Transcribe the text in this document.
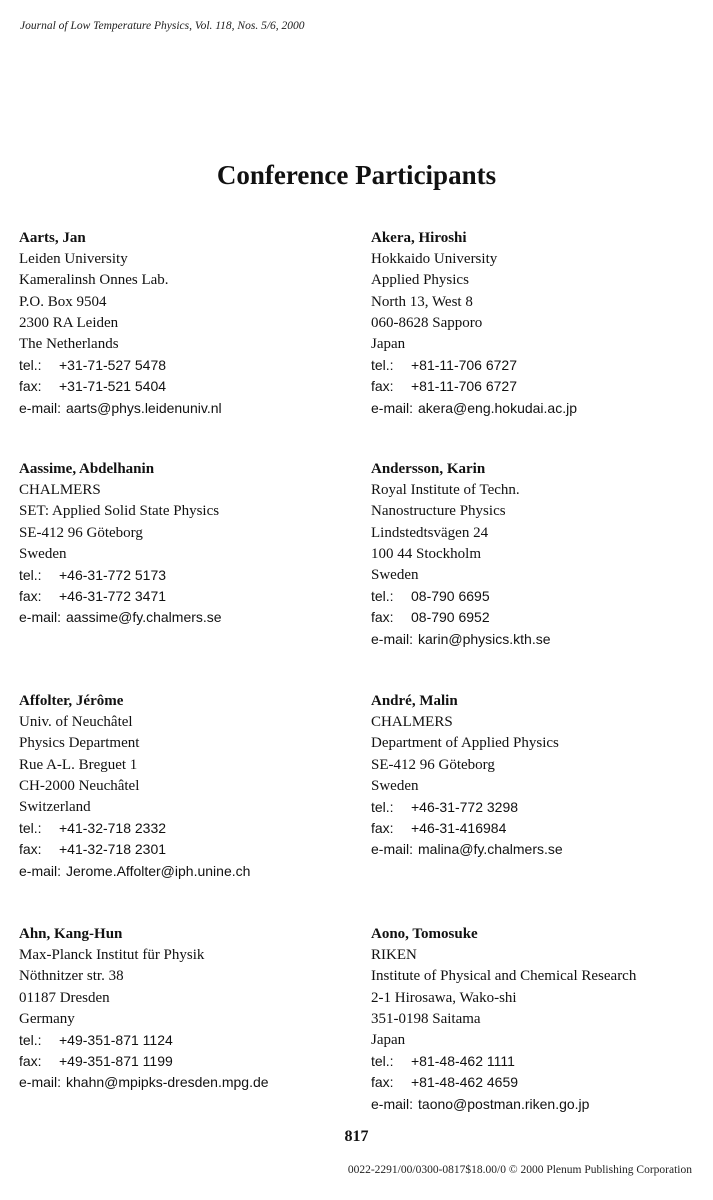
Journal of Low Temperature Physics, Vol. 118, Nos. 5/6, 2000
Conference Participants
Aarts, Jan
Leiden University
Kameralinsh Onnes Lab.
P.O. Box 9504
2300 RA Leiden
The Netherlands
tel.: +31-71-527 5478
fax: +31-71-521 5404
e-mail: aarts@phys.leidenuniv.nl
Akera, Hiroshi
Hokkaido University
Applied Physics
North 13, West 8
060-8628 Sapporo
Japan
tel.: +81-11-706 6727
fax: +81-11-706 6727
e-mail: akera@eng.hokudai.ac.jp
Aassime, Abdelhanin
CHALMERS
SET: Applied Solid State Physics
SE-412 96 Göteborg
Sweden
tel.: +46-31-772 5173
fax: +46-31-772 3471
e-mail: aassime@fy.chalmers.se
Andersson, Karin
Royal Institute of Techn.
Nanostructure Physics
Lindstedtsvägen 24
100 44 Stockholm
Sweden
tel.: 08-790 6695
fax: 08-790 6952
e-mail: karin@physics.kth.se
Affolter, Jérôme
Univ. of Neuchâtel
Physics Department
Rue A-L. Breguet 1
CH-2000 Neuchâtel
Switzerland
tel.: +41-32-718 2332
fax: +41-32-718 2301
e-mail: Jerome.Affolter@iph.unine.ch
André, Malin
CHALMERS
Department of Applied Physics
SE-412 96 Göteborg
Sweden
tel.: +46-31-772 3298
fax: +46-31-416984
e-mail: malina@fy.chalmers.se
Ahn, Kang-Hun
Max-Planck Institut für Physik
Nöthnitzer str. 38
01187 Dresden
Germany
tel.: +49-351-871 1124
fax: +49-351-871 1199
e-mail: khahn@mpipks-dresden.mpg.de
Aono, Tomosuke
RIKEN
Institute of Physical and Chemical Research
2-1 Hirosawa, Wako-shi
351-0198 Saitama
Japan
tel.: +81-48-462 1111
fax: +81-48-462 4659
e-mail: taono@postman.riken.go.jp
817
0022-2291/00/0300-0817$18.00/0 © 2000 Plenum Publishing Corporation
